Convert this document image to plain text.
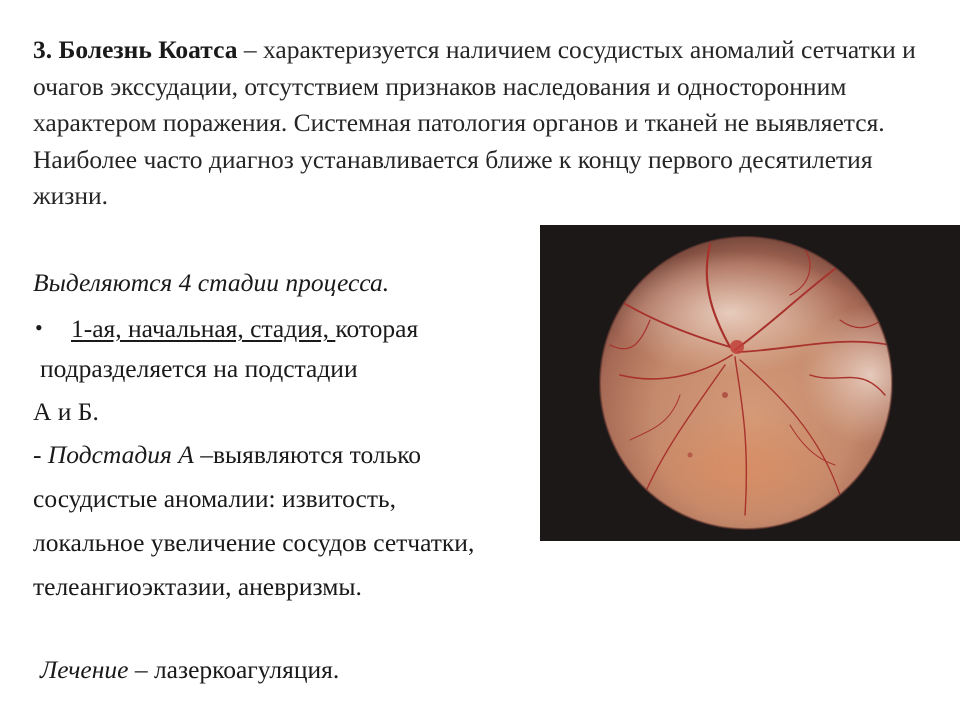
3. Болезнь Коатса – характеризуется наличием сосудистых аномалий сетчатки и очагов экссудации, отсутствием признаков наследования и односторонним характером поражения. Системная патология органов и тканей не выявляется. Наиболее часто диагноз устанавливается ближе к концу первого десятилетия жизни.
Выделяются 4 стадии процесса.
• 1-ая, начальная, стадия, которая
подразделяется на подстадии
А и Б.
- Подстадия А –выявляются только
сосудистые аномалии: извитость,
локальное увеличение сосудов сетчатки,
телеангиоэктазии, аневризмы.
Лечение – лазеркоагуляция.
